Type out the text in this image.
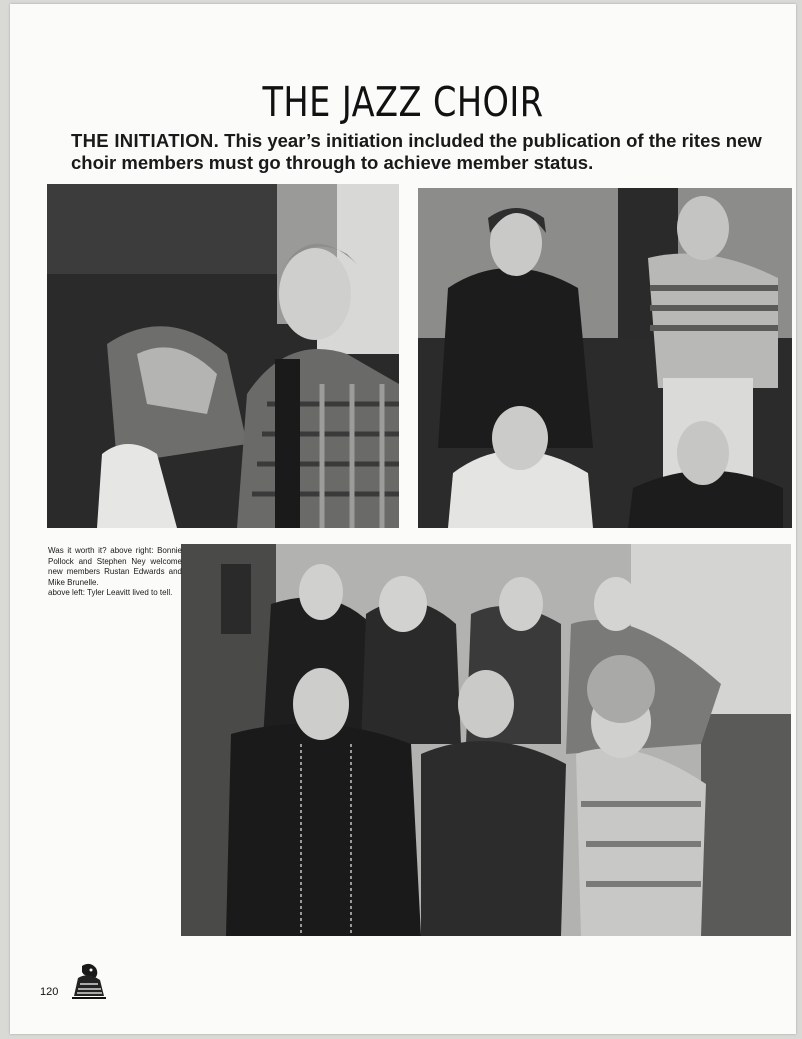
THE JAZZ CHOIR
THE INITIATION. This year’s initiation included the publication of the rites new choir members must go through to achieve member status.

Was it worth it? above right: Bonnie Pollock and Stephen Ney welcome new members Rustan Edwards and Mike Brunelle.

above left: Tyler Leavitt lived to tell.

120
